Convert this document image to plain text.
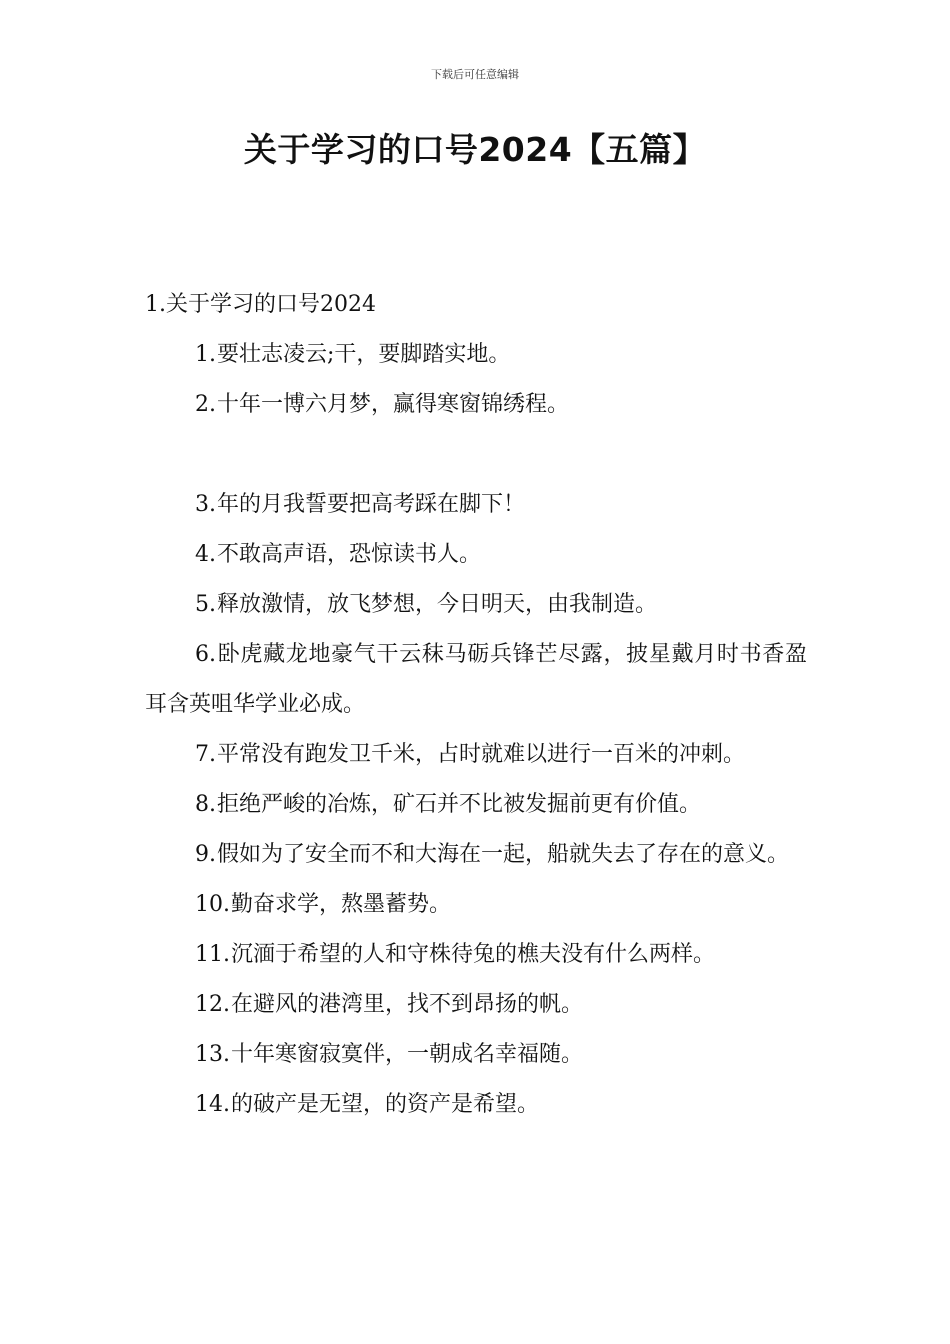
下载后可任意编辑
关于学习的口号2024【五篇】

1.关于学习的口号2024

1.要壮志凌云;干，要脚踏实地。
2.十年一博六月梦，赢得寒窗锦绣程。
3.年的月我誓要把高考踩在脚下！
4.不敢高声语，恐惊读书人。
5.释放激情，放飞梦想，今日明天，由我制造。
6.卧虎藏龙地豪气干云秣马砺兵锋芒尽露，披星戴月时书香盈耳含英咀华学业必成。
7.平常没有跑发卫千米，占时就难以进行一百米的冲刺。
8.拒绝严峻的冶炼，矿石并不比被发掘前更有价值。
9.假如为了安全而不和大海在一起，船就失去了存在的意义。
10.勤奋求学，熬墨蓄势。
11.沉湎于希望的人和守株待兔的樵夫没有什么两样。
12.在避风的港湾里，找不到昂扬的帆。
13.十年寒窗寂寞伴，一朝成名幸福随。
14.的破产是无望，的资产是希望。
